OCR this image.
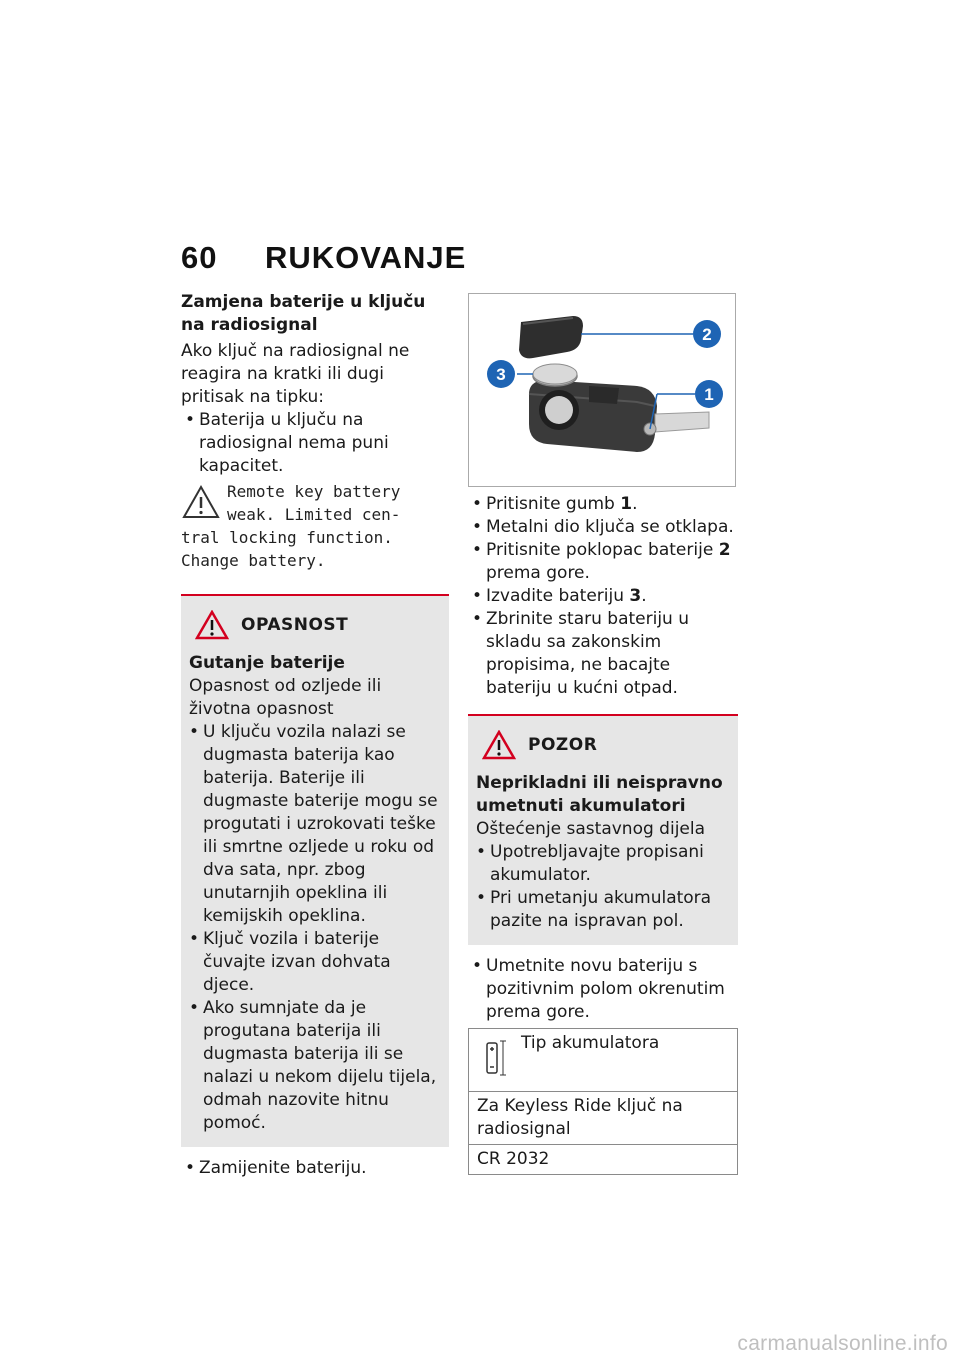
60 RUKOVANJE

Zamjena baterije u ključu na radiosignal

Ako ključ na radiosignal ne reagira na kratki ili dugi pritisak na tipku:

• Baterija u ključu na radiosignal nema puni kapacitet.

Remote key battery
weak. Limited cen-
tral locking function.
Change battery.
OPASNOST

Gutanje baterije

Opasnost od ozljede ili životna opasnost

• U ključu vozila nalazi se dugmasta baterija kao baterija. Baterije ili dugmaste baterije mogu se progutati i uzrokovati teške ili smrtne ozljede u roku od dva sata, npr. zbog unutarnjih opeklina ili kemijskih opeklina.

• Ključ vozila i baterije čuvajte izvan dohvata djece.

• Ako sumnjate da je progutana baterija ili dugmasta baterija ili se nalazi u nekom dijelu tijela, odmah nazovite hitnu pomoć.

• Zamijenite bateriju.

2
3
1

• Pritisnite gumb 1.

• Metalni dio ključa se otklapa.

• Pritisnite poklopac baterije 2 prema gore.

• Izvadite bateriju 3.

• Zbrinite staru bateriju u skladu sa zakonskim propisima, ne bacajte bateriju u kućni otpad.

POZOR

Neprikladni ili neispravno umetnuti akumulatori

Oštećenje sastavnog dijela

• Upotrebljavajte propisani akumulator.

• Pri umetanju akumulatora pazite na ispravan pol.

• Umetnite novu bateriju s pozitivnim polom okrenutim prema gore.

Tip akumulatora
Za Keyless Ride ključ na radiosignal
CR 2032
carmanualsonline.info
